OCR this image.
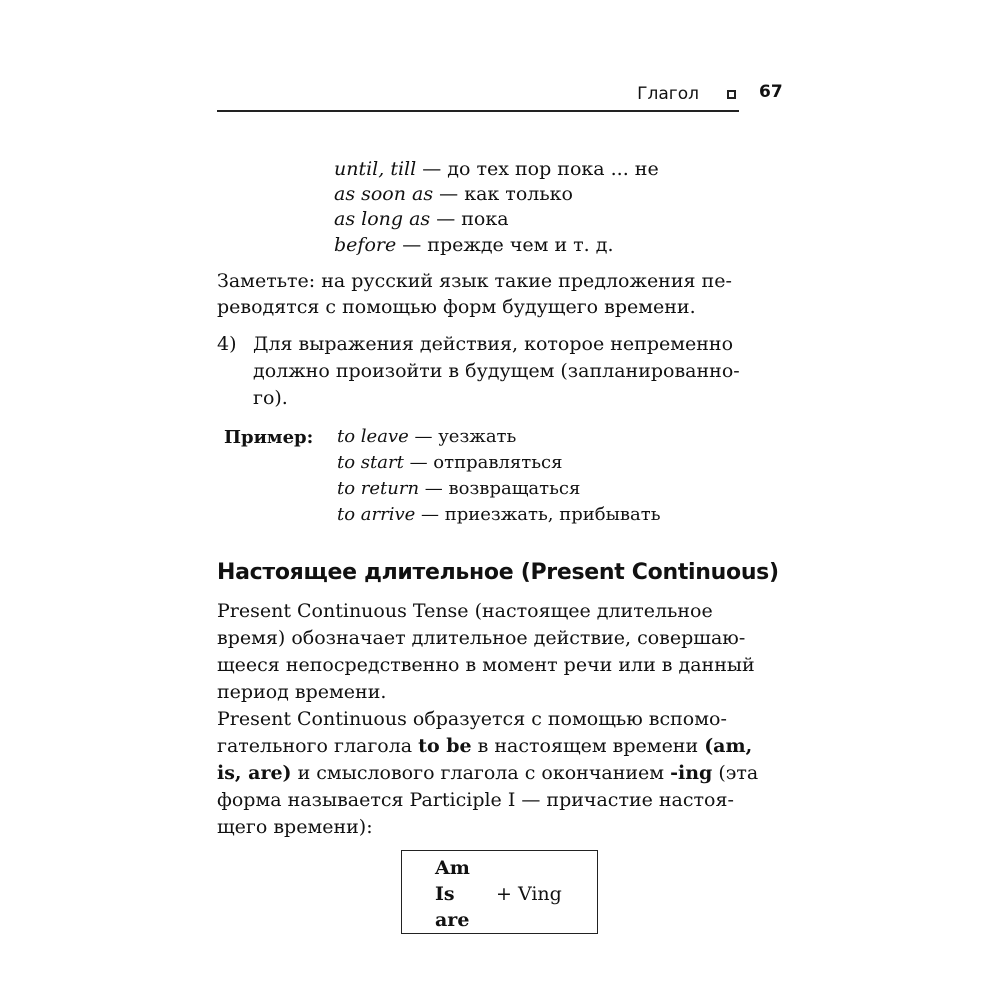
Глагол	67
until, till — до тех пор пока ... не
as soon as — как только
as long as — пока
before — прежде чем и т. д.
Заметьте: на русский язык такие предложения пе-
реводятся с помощью форм будущего времени.
4) Для выражения действия, которое непременно
должно произойти в будущем (запланированно-
го).
Пример: to leave — уезжать
to start — отправляться
to return — возвращаться
to arrive — приезжать, прибывать
Настоящее длительное (Present Continuous)
Present Continuous Tense (настоящее длительное
время) обозначает длительное действие, совершаю-
щееся непосредственно в момент речи или в данный
период времени.
Present Continuous образуется с помощью вспомо-
гательного глагола to be в настоящем времени (am,
is, are) и смыслового глагола с окончанием -ing (эта
форма называется Participle I — причастие настоя-
щего времени):
Am
Is
are
+ Ving
